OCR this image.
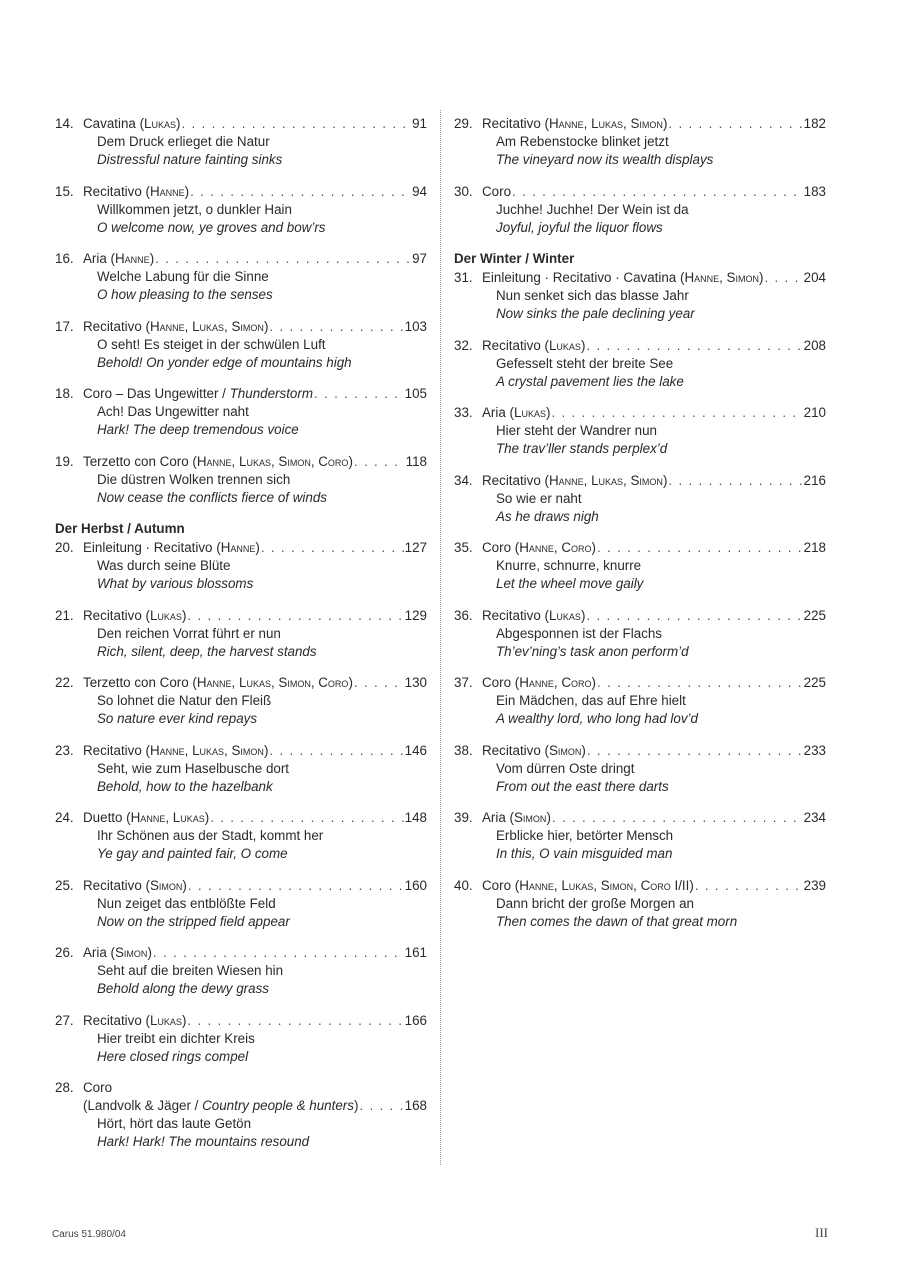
14. Cavatina (Lukas) . . .	91
Dem Druck erlieget die Natur
Distressful nature fainting sinks
15. Recitativo (Hanne) . . .	94
Willkommen jetzt, o dunkler Hain
O welcome now, ye groves and bow’rs
16. Aria (Hanne) . . .	97
Welche Labung für die Sinne
O how pleasing to the senses
17. Recitativo (Hanne, Lukas, Simon) . . .	103
O seht! Es steiget in der schwülen Luft
Behold! On yonder edge of mountains high
18. Coro – Das Ungewitter / Thunderstorm . . .	105
Ach! Das Ungewitter naht
Hark! The deep tremendous voice
19. Terzetto con Coro (Hanne, Lukas, Simon, Coro) . . .	118
Die düstren Wolken trennen sich
Now cease the conflicts fierce of winds
Der Herbst / Autumn
20. Einleitung · Recitativo (Hanne) . . .	127
Was durch seine Blüte
What by various blossoms
21. Recitativo (Lukas) . . .	129
Den reichen Vorrat führt er nun
Rich, silent, deep, the harvest stands
22. Terzetto con Coro (Hanne, Lukas, Simon, Coro) . . .	130
So lohnet die Natur den Fleiß
So nature ever kind repays
23. Recitativo (Hanne, Lukas, Simon) . . .	146
Seht, wie zum Haselbusche dort
Behold, how to the hazelbank
24. Duetto (Hanne, Lukas) . . .	148
Ihr Schönen aus der Stadt, kommt her
Ye gay and painted fair, O come
25. Recitativo (Simon) . . .	160
Nun zeiget das entblößte Feld
Now on the stripped field appear
26. Aria (Simon) . . .	161
Seht auf die breiten Wiesen hin
Behold along the dewy grass
27. Recitativo (Lukas) . . .	166
Hier treibt ein dichter Kreis
Here closed rings compel
28. Coro
(Landvolk & Jäger / Country people & hunters) . . .	168
Hört, hört das laute Getön
Hark! Hark! The mountains resound
29. Recitativo (Hanne, Lukas, Simon) . . .	182
Am Rebenstocke blinket jetzt
The vineyard now its wealth displays
30. Coro . . .	183
Juchhe! Juchhe! Der Wein ist da
Joyful, joyful the liquor flows
Der Winter / Winter
31. Einleitung · Recitativo · Cavatina (Hanne, Simon) . . .	204
Nun senket sich das blasse Jahr
Now sinks the pale declining year
32. Recitativo (Lukas) . . .	208
Gefesselt steht der breite See
A crystal pavement lies the lake
33. Aria (Lukas) . . .	210
Hier steht der Wandrer nun
The trav’ller stands perplex’d
34. Recitativo (Hanne, Lukas, Simon) . . .	216
So wie er naht
As he draws nigh
35. Coro (Hanne, Coro) . . .	218
Knurre, schnurre, knurre
Let the wheel move gaily
36. Recitativo (Lukas) . . .	225
Abgesponnen ist der Flachs
Th’ev’ning’s task anon perform’d
37. Coro (Hanne, Coro) . . .	225
Ein Mädchen, das auf Ehre hielt
A wealthy lord, who long had lov’d
38. Recitativo (Simon) . . .	233
Vom dürren Oste dringt
From out the east there darts
39. Aria (Simon) . . .	234
Erblicke hier, betörter Mensch
In this, O vain misguided man
40. Coro (Hanne, Lukas, Simon, Coro I/II) . . .	239
Dann bricht der große Morgen an
Then comes the dawn of that great morn
Carus 51.980/04	III
